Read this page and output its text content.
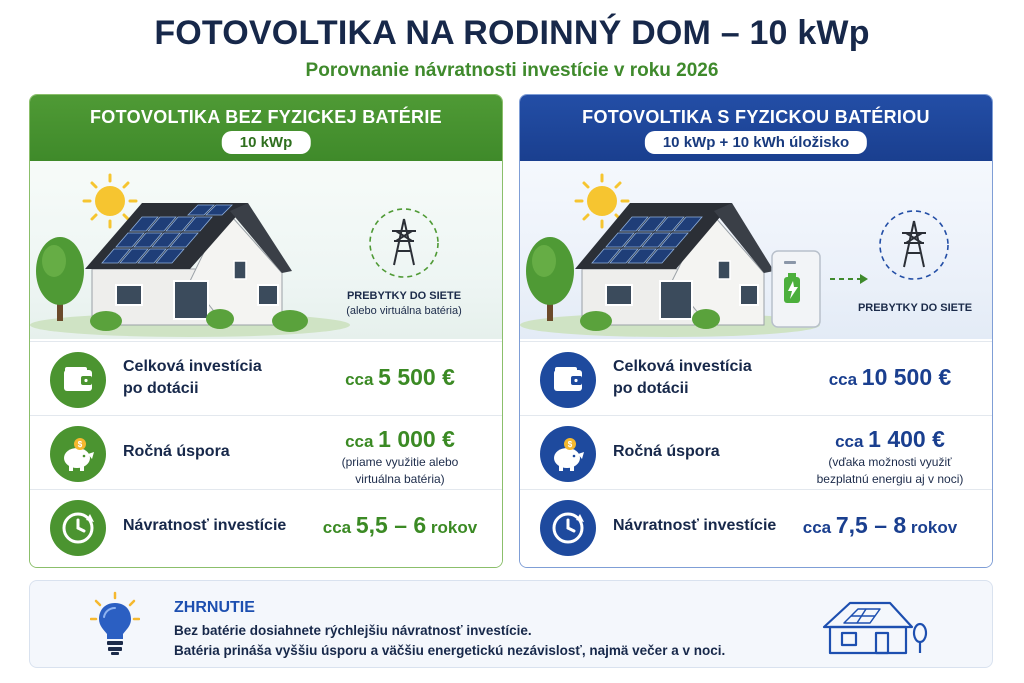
FOTOVOLTIKA NA RODINNÝ DOM – 10 kWp
Porovnanie návratnosti investície v roku 2026
FOTOVOLTIKA BEZ FYZICKEJ BATÉRIE
10 kWp
PREBYTKY DO SIETE
(alebo virtuálna batéria)
Celková investícia
po dotácii	cca 5 500 €
$	Ročná úspora
cca 1 000 €
(priame využitie alebo
virtuálna batéria)
Návratnosť investície	cca 5,5 – 6 rokov
FOTOVOLTIKA S FYZICKOU BATÉRIOU
10 kWp + 10 kWh úložisko
PREBYTKY DO SIETE
Celková investícia
po dotácii	cca 10 500 €
$	Ročná úspora
cca 1 400 €
(vďaka možnosti využiť
bezplatnú energiu aj v noci)
Návratnosť investície	cca 7,5 – 8 rokov
ZHRNUTIE
Bez batérie dosiahnete rýchlejšiu návratnosť investície.
Batéria prináša vyššiu úsporu a väčšiu energetickú nezávislosť, najmä večer a v noci.
